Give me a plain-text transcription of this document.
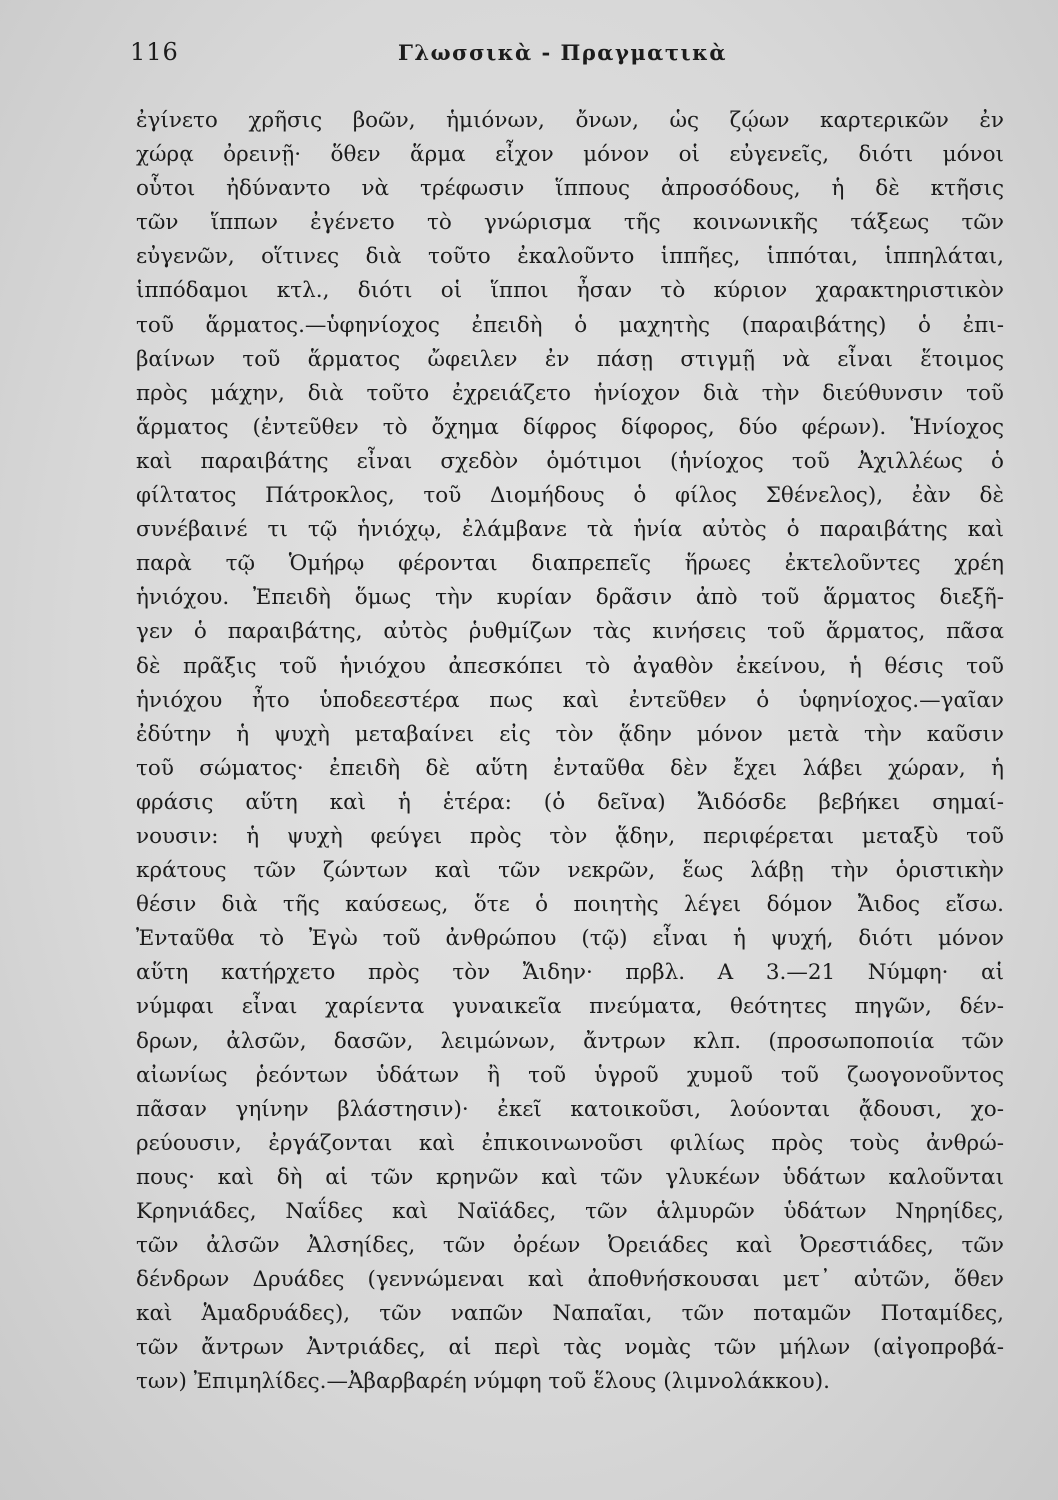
116	Γλωσσικὰ - Πραγματικὰ
ἐγίνετο χρῆσις βοῶν, ἡμιόνων, ὄνων, ὡς ζῴων καρτερικῶν ἐν
χώρᾳ ὀρεινῇ· ὅθεν ἅρμα εἶχον μόνον οἱ εὐγενεῖς, διότι μόνοι
οὗτοι ἠδύναντο νὰ τρέφωσιν ἵππους ἀπροσόδους, ἡ δὲ κτῆσις
τῶν ἵππων ἐγένετο τὸ γνώρισμα τῆς κοινωνικῆς τάξεως τῶν
εὐγενῶν, οἵτινες διὰ τοῦτο ἐκαλοῦντο ἱππῆες, ἱππόται, ἱππηλάται,
ἱππόδαμοι κτλ., διότι οἱ ἵπποι ἦσαν τὸ κύριον χαρακτηριστικὸν
τοῦ ἅρματος.—ὑφηνίοχος ἐπειδὴ ὁ μαχητὴς (παραιβάτης) ὁ ἐπι-
βαίνων τοῦ ἅρματος ὤφειλεν ἐν πάσῃ στιγμῇ νὰ εἶναι ἕτοιμος
πρὸς μάχην, διὰ τοῦτο ἐχρειάζετο ἡνίοχον διὰ τὴν διεύθυνσιν τοῦ
ἅρματος (ἐντεῦθεν τὸ ὄχημα δίφρος δίφορος, δύο φέρων). Ἡνίοχος
καὶ παραιβάτης εἶναι σχεδὸν ὁμότιμοι (ἡνίοχος τοῦ Ἀχιλλέως ὁ
φίλτατος Πάτροκλος, τοῦ Διομήδους ὁ φίλος Σθένελος), ἐὰν δὲ
συνέβαινέ τι τῷ ἡνιόχῳ, ἐλάμβανε τὰ ἡνία αὐτὸς ὁ παραιβάτης καὶ
παρὰ τῷ Ὁμήρῳ φέρονται διαπρεπεῖς ἥρωες ἐκτελοῦντες χρέη
ἡνιόχου. Ἐπειδὴ ὅμως τὴν κυρίαν δρᾶσιν ἀπὸ τοῦ ἅρματος διεξῆ-
γεν ὁ παραιβάτης, αὐτὸς ῥυθμίζων τὰς κινήσεις τοῦ ἅρματος, πᾶσα
δὲ πρᾶξις τοῦ ἡνιόχου ἀπεσκόπει τὸ ἀγαθὸν ἐκείνου, ἡ θέσις τοῦ
ἡνιόχου ἦτο ὑποδεεστέρα πως καὶ ἐντεῦθεν ὁ ὑφηνίοχος.—γαῖαν
ἐδύτην ἡ ψυχὴ μεταβαίνει εἰς τὸν ᾅδην μόνον μετὰ τὴν καῦσιν
τοῦ σώματος· ἐπειδὴ δὲ αὕτη ἐνταῦθα δὲν ἔχει λάβει χώραν, ἡ
φράσις αὕτη καὶ ἡ ἑτέρα: (ὁ δεῖνα) Ἄιδόσδε βεβήκει σημαί-
νουσιν: ἡ ψυχὴ φεύγει πρὸς τὸν ᾅδην, περιφέρεται μεταξὺ τοῦ
κράτους τῶν ζώντων καὶ τῶν νεκρῶν, ἕως λάβῃ τὴν ὁριστικὴν
θέσιν διὰ τῆς καύσεως, ὅτε ὁ ποιητὴς λέγει δόμον Ἄιδος εἴσω.
Ἐνταῦθα τὸ Ἐγὼ τοῦ ἀνθρώπου (τῷ) εἶναι ἡ ψυχή, διότι μόνον
αὕτη κατήρχετο πρὸς τὸν Ἄιδην· πρβλ. Α 3.—21 Νύμφη· αἱ
νύμφαι εἶναι χαρίεντα γυναικεῖα πνεύματα, θεότητες πηγῶν, δέν-
δρων, ἀλσῶν, δασῶν, λειμώνων, ἄντρων κλπ. (προσωποποιία τῶν
αἰωνίως ῥεόντων ὑδάτων ἢ τοῦ ὑγροῦ χυμοῦ τοῦ ζωογονοῦντος
πᾶσαν γηίνην βλάστησιν)· ἐκεῖ κατοικοῦσι, λούονται ᾄδουσι, χο-
ρεύουσιν, ἐργάζονται καὶ ἐπικοινωνοῦσι φιλίως πρὸς τοὺς ἀνθρώ-
πους· καὶ δὴ αἱ τῶν κρηνῶν καὶ τῶν γλυκέων ὑδάτων καλοῦνται
Κρηνιάδες, Ναΐδες καὶ Ναϊάδες, τῶν ἁλμυρῶν ὑδάτων Νηρηίδες,
τῶν ἀλσῶν Ἀλσηίδες, τῶν ὀρέων Ὀρειάδες καὶ Ὀρεστιάδες, τῶν
δένδρων Δρυάδες (γεννώμεναι καὶ ἀποθνήσκουσαι μετ᾽ αὐτῶν, ὅθεν
καὶ Ἁμαδρυάδες), τῶν ναπῶν Ναπαῖαι, τῶν ποταμῶν Ποταμίδες,
τῶν ἄντρων Ἀντριάδες, αἱ περὶ τὰς νομὰς τῶν μήλων (αἰγοπροβά-
των) Ἐπιμηλίδες.—Ἀβαρβαρέη νύμφη τοῦ ἕλους (λιμνολάκκου).
